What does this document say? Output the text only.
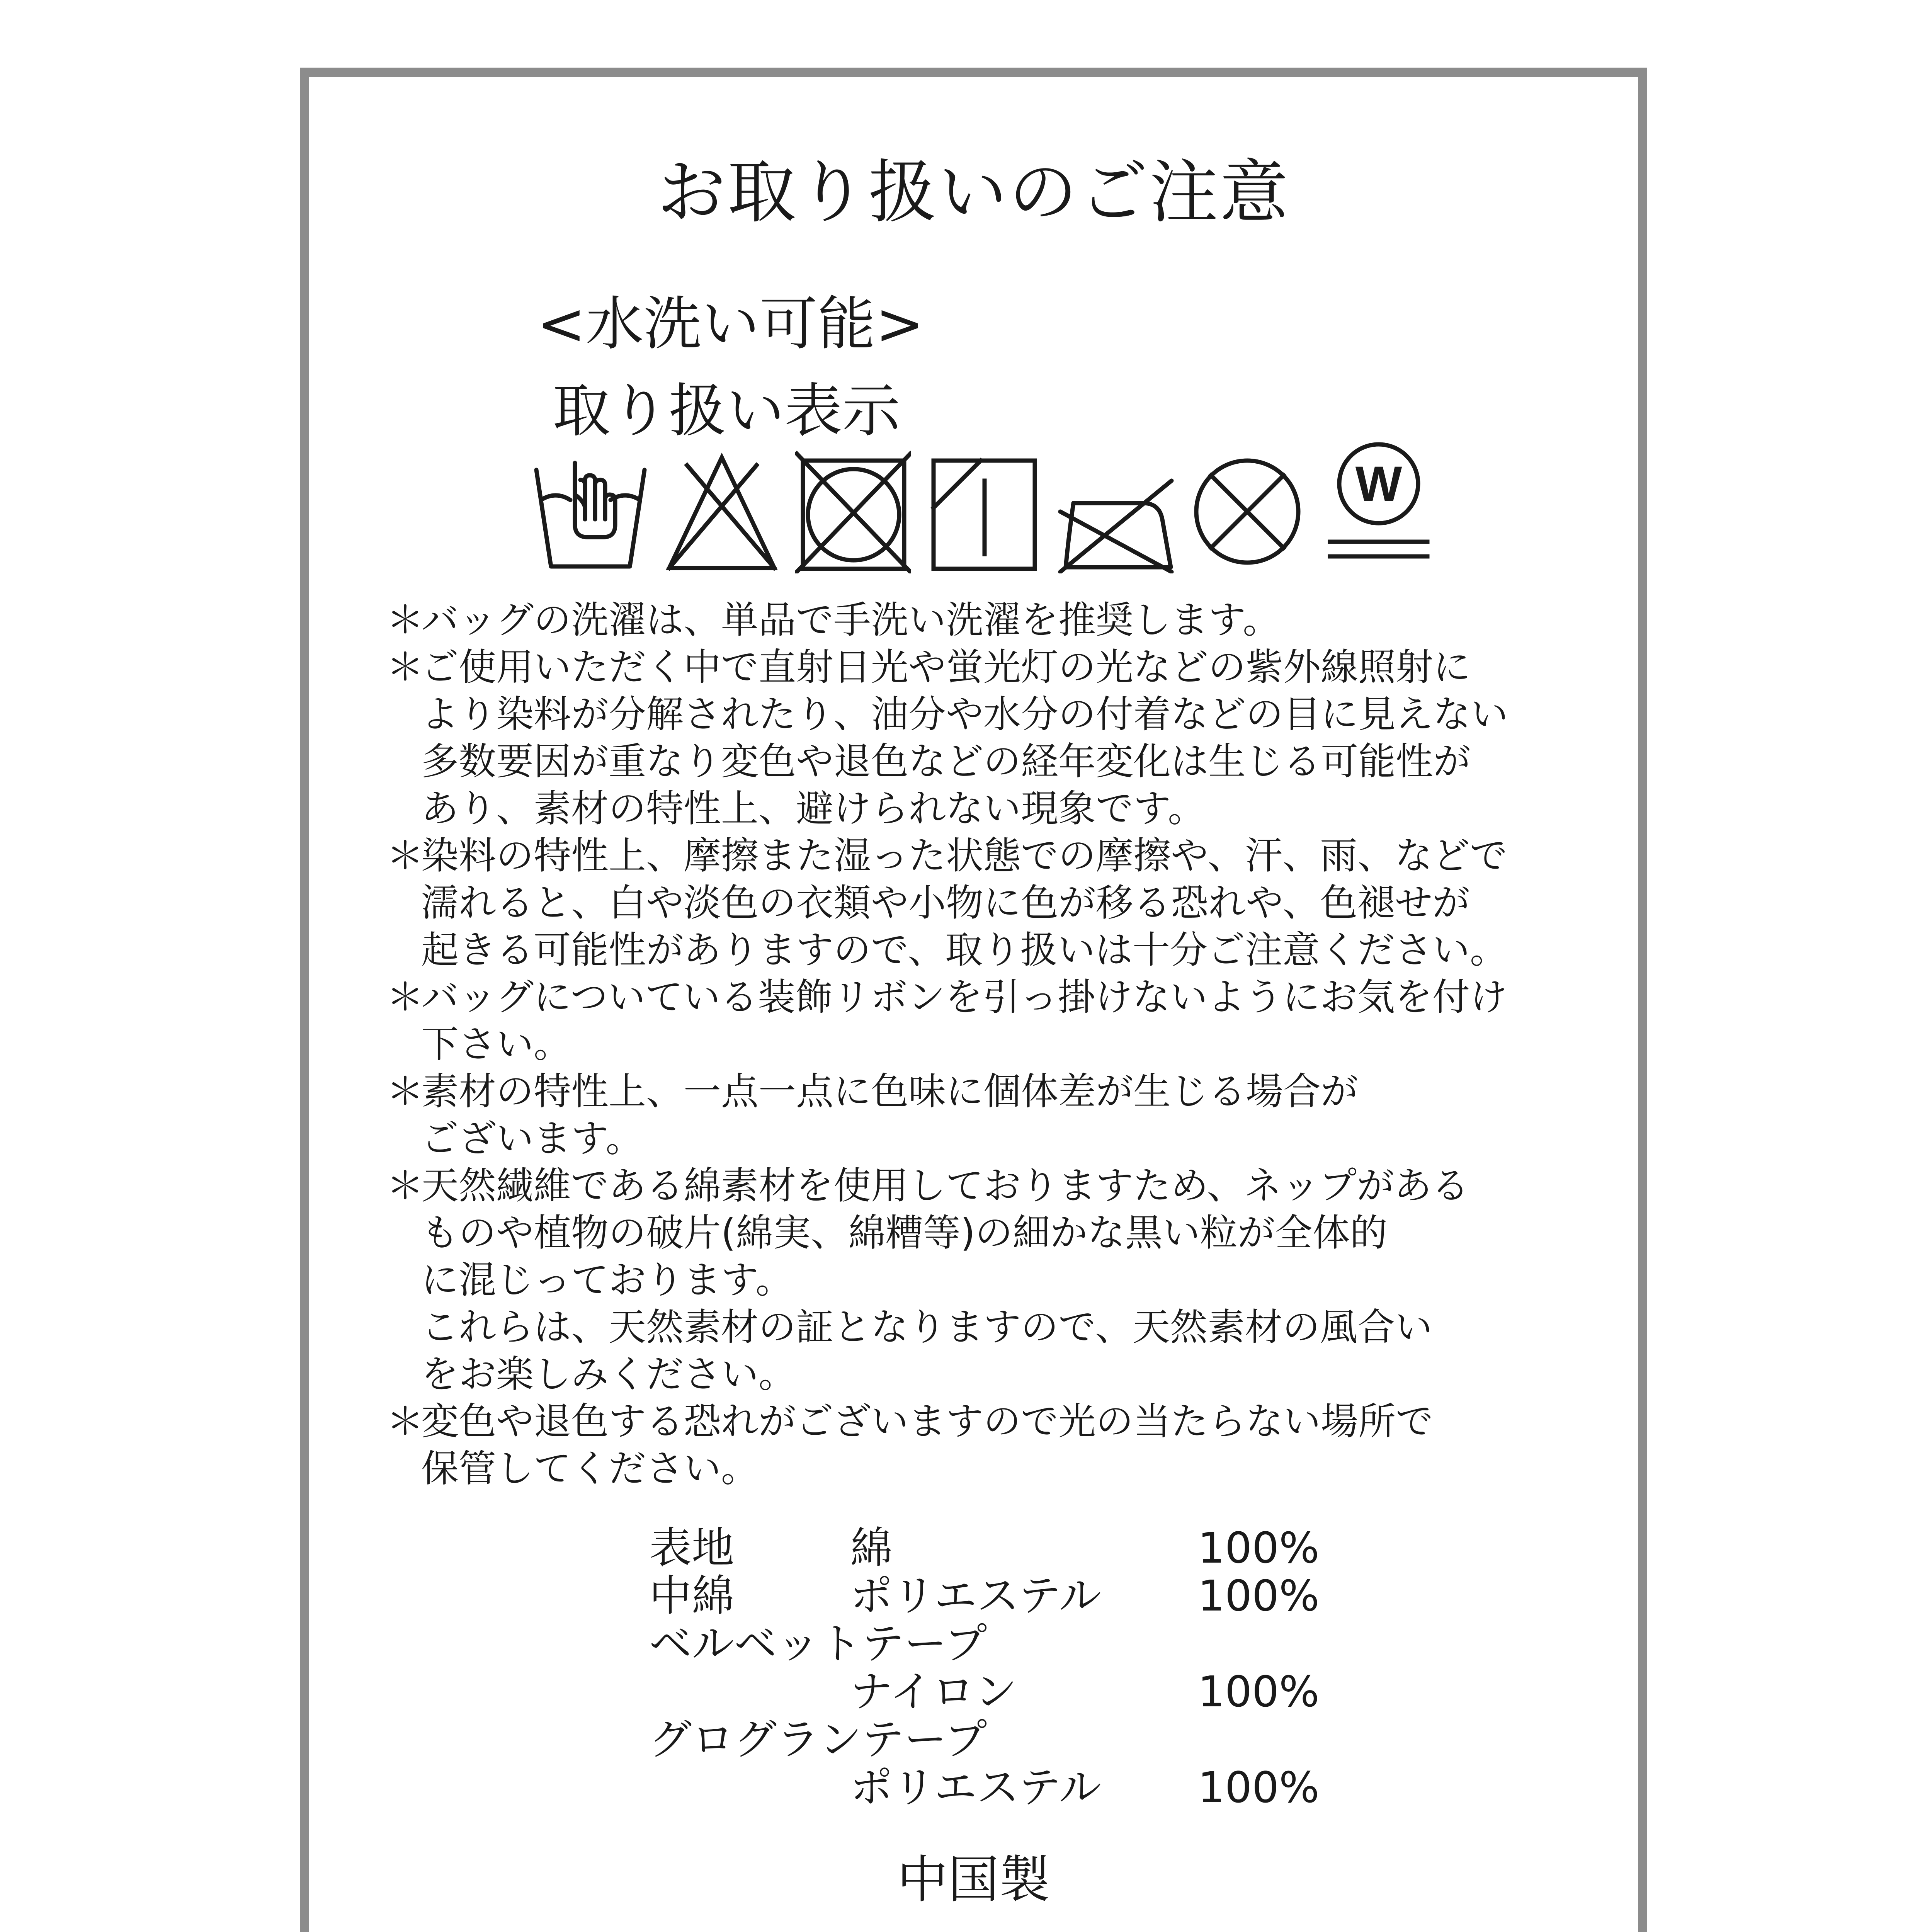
お取り扱いのご注意
<水洗い可能>
取り扱い表示
W
＊バッグの洗濯は、単品で手洗い洗濯を推奨します。
＊ご使用いただく中で直射日光や蛍光灯の光などの紫外線照射に
より染料が分解されたり、油分や水分の付着などの目に見えない
多数要因が重なり変色や退色などの経年変化は生じる可能性が
あり、素材の特性上、避けられない現象です。
＊染料の特性上、摩擦また湿った状態での摩擦や、汗、雨、などで
濡れると、白や淡色の衣類や小物に色が移る恐れや、色褪せが
起きる可能性がありますので、取り扱いは十分ご注意ください。
＊バッグについている装飾リボンを引っ掛けないようにお気を付け
下さい。
＊素材の特性上、一点一点に色味に個体差が生じる場合が
ございます。
＊天然繊維である綿素材を使用しておりますため、ネップがある
ものや植物の破片(綿実、綿糟等)の細かな黒い粒が全体的
に混じっております。
これらは、天然素材の証となりますので、天然素材の風合い
をお楽しみください。
＊変色や退色する恐れがございますので光の当たらない場所で
保管してください。
表地	綿	100%
中綿	ポリエステル 100%
ベルベットテープ
ナイロン	100%
グログランテープ
ポリエステル 100%
中国製
